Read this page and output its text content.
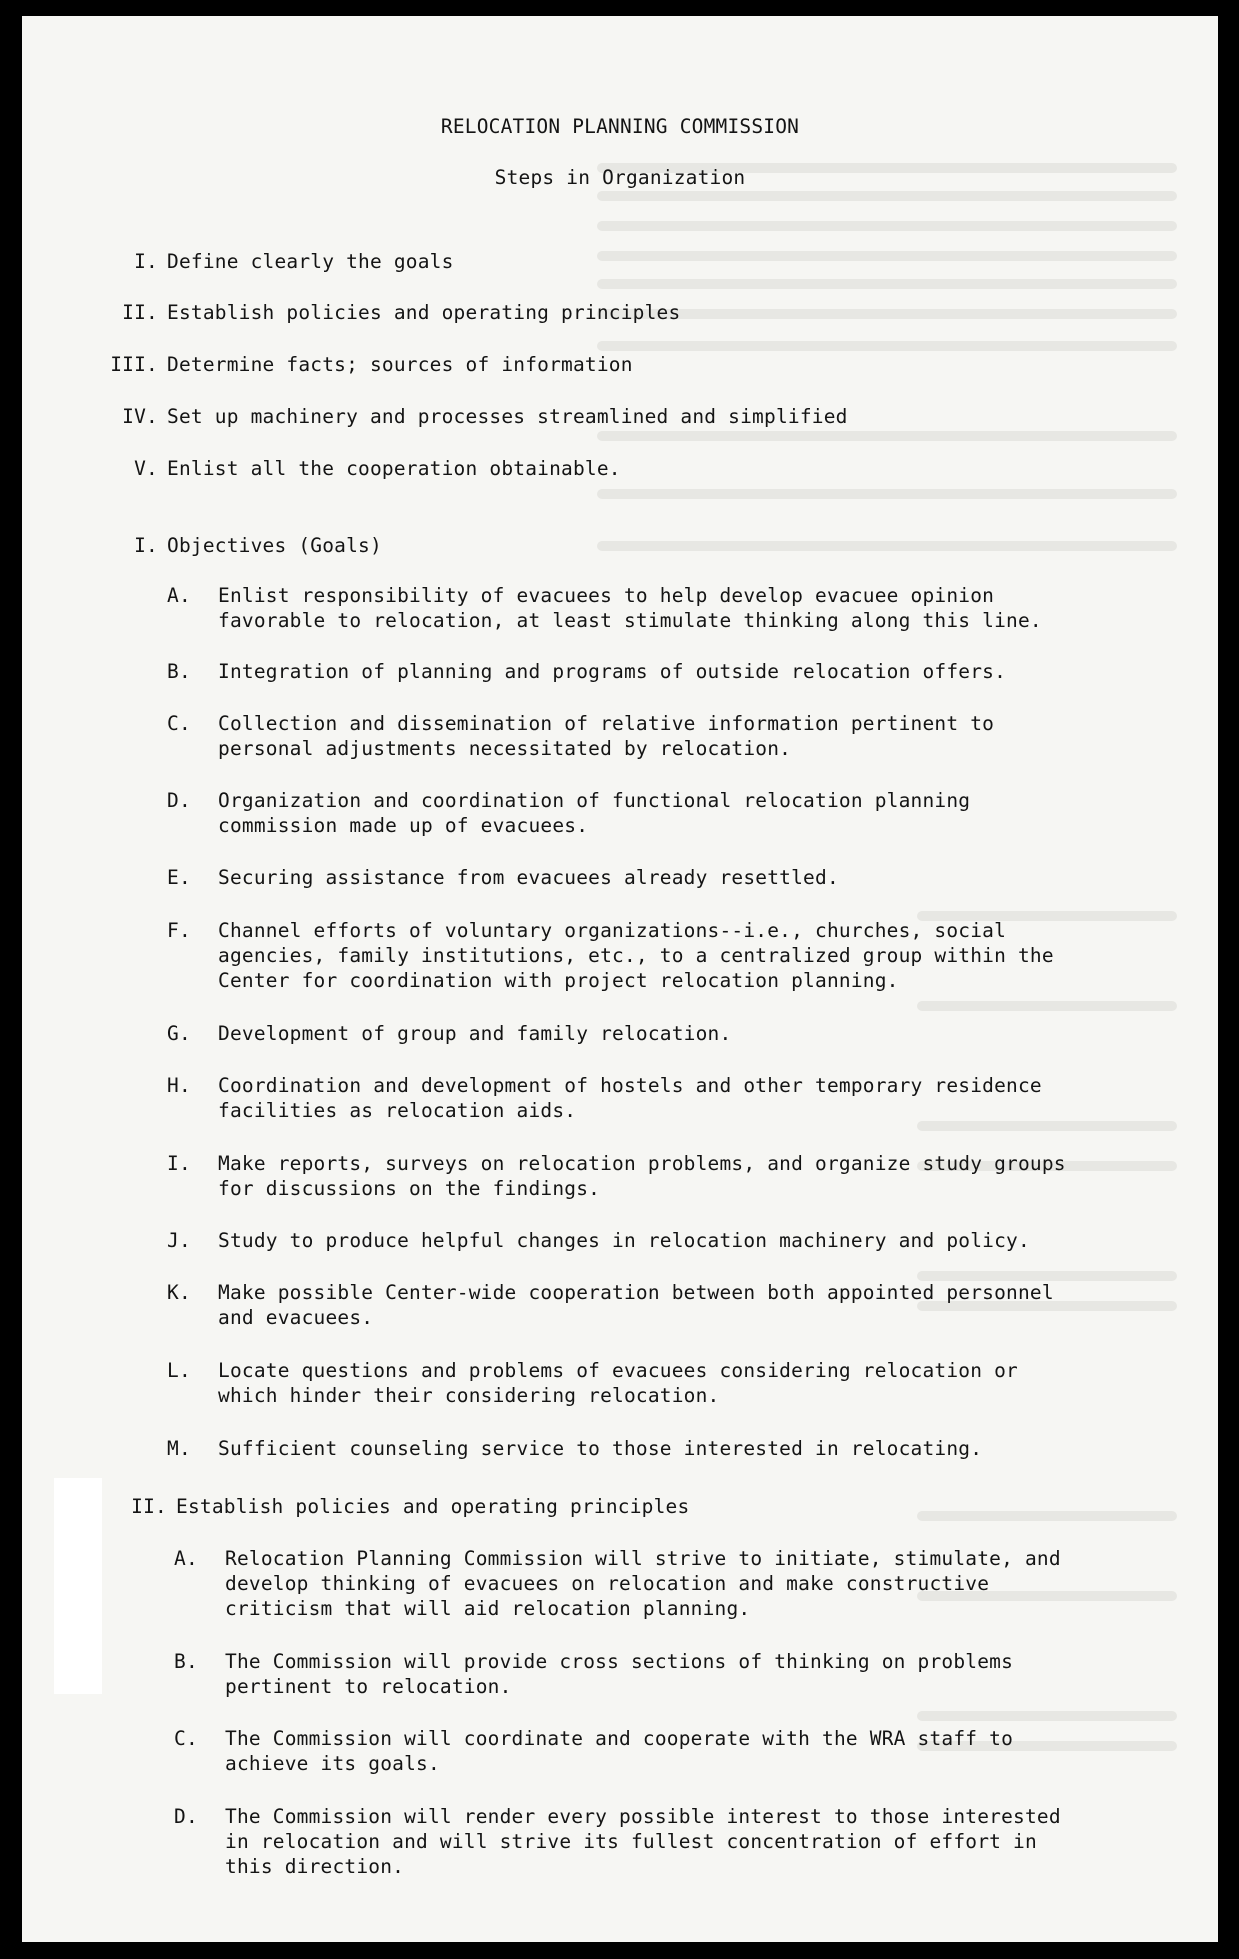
RELOCATION PLANNING COMMISSION
Steps in Organization
I. Define clearly the goals
II. Establish policies and operating principles
III. Determine facts; sources of information
IV. Set up machinery and processes streamlined and simplified
V. Enlist all the cooperation obtainable.
I. Objectives (Goals)
A. Enlist responsibility of evacuees to help develop evacuee opinion
favorable to relocation, at least stimulate thinking along this line.
B. Integration of planning and programs of outside relocation offers.
C. Collection and dissemination of relative information pertinent to
personal adjustments necessitated by relocation.
D. Organization and coordination of functional relocation planning
commission made up of evacuees.
E. Securing assistance from evacuees already resettled.
F. Channel efforts of voluntary organizations--i.e., churches, social
agencies, family institutions, etc., to a centralized group within the
Center for coordination with project relocation planning.
G. Development of group and family relocation.
H. Coordination and development of hostels and other temporary residence
facilities as relocation aids.
I. Make reports, surveys on relocation problems, and organize study groups
for discussions on the findings.
J. Study to produce helpful changes in relocation machinery and policy.
K. Make possible Center-wide cooperation between both appointed personnel
and evacuees.
L. Locate questions and problems of evacuees considering relocation or
which hinder their considering relocation.
M. Sufficient counseling service to those interested in relocating.
II. Establish policies and operating principles
A. Relocation Planning Commission will strive to initiate, stimulate, and
develop thinking of evacuees on relocation and make constructive
criticism that will aid relocation planning.
B. The Commission will provide cross sections of thinking on problems
pertinent to relocation.
C. The Commission will coordinate and cooperate with the WRA staff to
achieve its goals.
D. The Commission will render every possible interest to those interested
in relocation and will strive its fullest concentration of effort in
this direction.
